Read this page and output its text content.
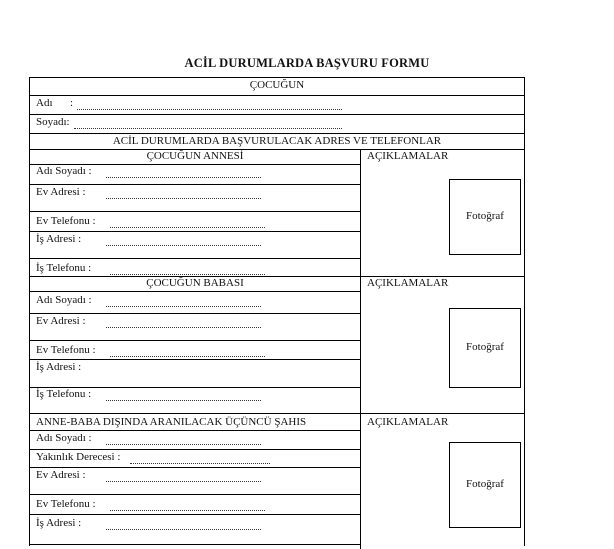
ACİL DURUMLARDA BAŞVURU FORMU
ÇOCUĞUN
Adı :
Soyadı:
ACİL DURUMLARDA BAŞVURULACAK ADRES VE TELEFONLAR
ÇOCUĞUN ANNESİ	AÇIKLAMALAR
Adı Soyadı :
Ev Adresi :
Ev Telefonu :
İş Adresi :
İş Telefonu :
Fotoğraf
ÇOCUĞUN BABASI	AÇIKLAMALAR
Adı Soyadı :
Ev Adresi :
Ev Telefonu :
İş Adresi :
İş Telefonu :
Fotoğraf
ANNE-BABA DIŞINDA ARANILACAK ÜÇÜNCÜ ŞAHIS	AÇIKLAMALAR
Adı Soyadı :
Yakınlık Derecesi :
Ev Adresi :
Ev Telefonu :
İş Adresi :
Fotoğraf
